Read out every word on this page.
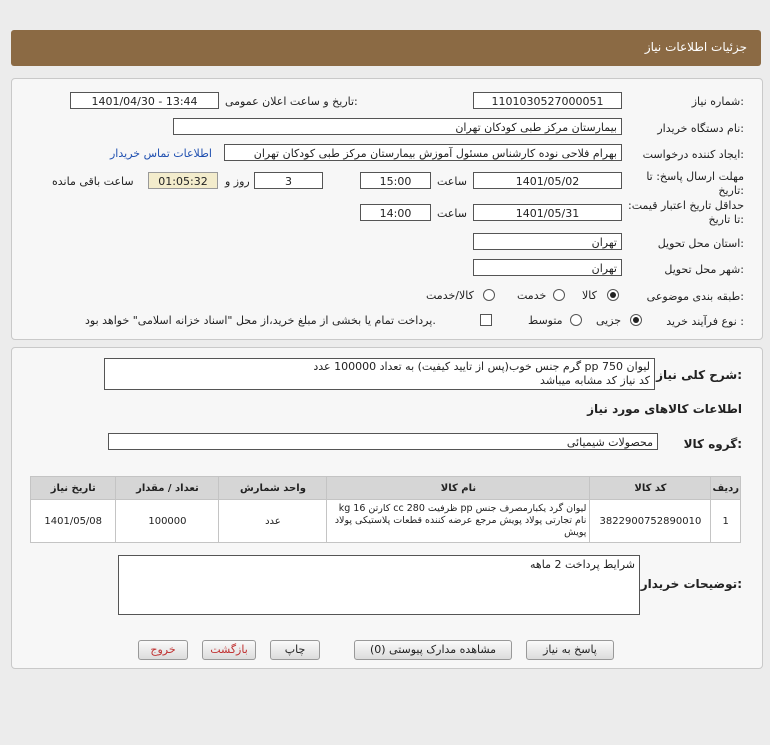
جزئیات اطلاعات نیاز
شماره نیاز:
1101030527000051
تاریخ و ساعت اعلان عمومی:
1401/04/30 - 13:44
نام دستگاه خریدار:
بیمارستان مرکز طبی کودکان تهران
ایجاد کننده درخواست:
بهرام فلاحی نوده کارشناس مسئول آموزش بیمارستان مرکز طبی کودکان تهران
اطلاعات تماس خریدار
مهلت ارسال پاسخ: تا تاریخ:
1401/05/02
ساعت
15:00
3
روز و
01:05:32
ساعت باقی مانده
حداقل تاریخ اعتبار قیمت: تا تاریخ:
1401/05/31
ساعت
14:00
استان محل تحویل:
تهران
شهر محل تحویل:
تهران
طبقه بندی موضوعی:
کالا
خدمت
کالا/خدمت
نوع فرآیند خرید :
جزیی
متوسط
پرداخت تمام یا بخشی از مبلغ خرید،از محل "اسناد خزانه اسلامی" خواهد بود.
شرح کلی نیاز:
لیوان 750 pp گرم جنس خوب(پس از تایید کیفیت) به تعداد 100000 عدد
کد نیاز کد مشابه میباشد
اطلاعات کالاهای مورد نیاز
گروه کالا:
محصولات شیمیائی
ردیف	کد کالا	نام کالا	واحد شمارش	تعداد / مقدار	تاریخ نیاز
1	3822900752890010	لیوان گرد یکبارمصرف جنس pp ظرفیت cc 280 کارتن kg 16 نام تجارتی پولاد پویش مرجع عرضه کننده قطعات پلاستیکی پولاد پویش	عدد	100000	1401/05/08
توضیحات خریدار:
شرایط پرداخت 2 ماهه
پاسخ به نیاز
مشاهده مدارک پیوستی (0)
چاپ
بازگشت
خروج
